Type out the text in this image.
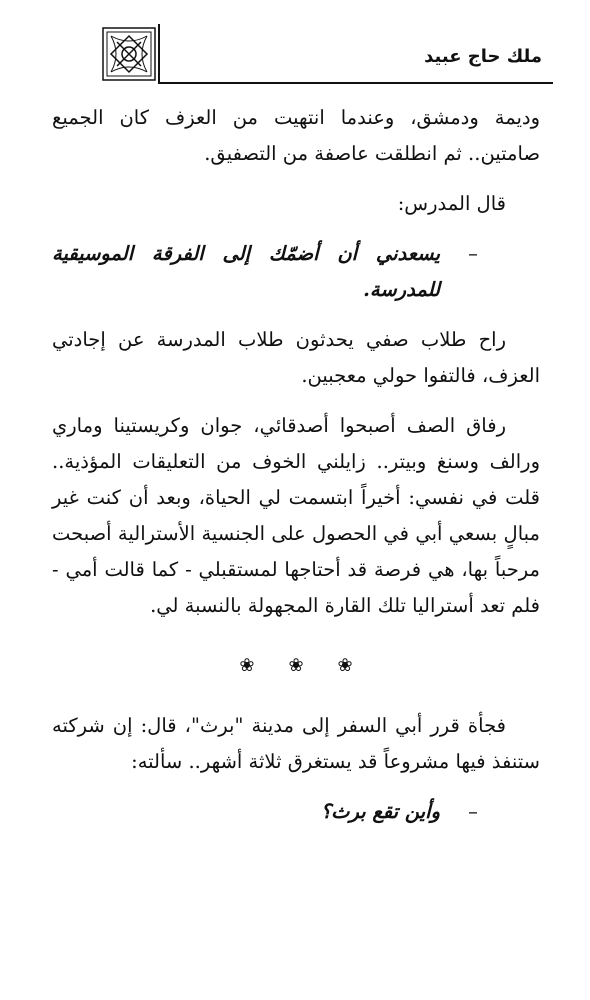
ملك حاج عبيد

وديمة ودمشق، وعندما انتهيت من العزف كان الجميع صامتين.. ثم انطلقت عاصفة من التصفيق.

قال المدرس:

–
يسعدني أن أضمّك إلى الفرقة الموسيقية للمدرسة.

راح طلاب صفي يحدثون طلاب المدرسة عن إجادتي العزف، فالتفوا حولي معجبين.

رفاق الصف أصبحوا أصدقائي، جوان وكريستينا وماري ورالف وسنغ وبيتر.. زايلني الخوف من التعليقات المؤذية.. قلت في نفسي: أخيراً ابتسمت لي الحياة، وبعد أن كنت غير مبالٍ بسعي أبي في الحصول على الجنسية الأسترالية أصبحت مرحباً بها، هي فرصة قد أحتاجها لمستقبلي - كما قالت أمي - فلم تعد أستراليا تلك القارة المجهولة بالنسبة لي.

❀ ❀ ❀

فجأة قرر أبي السفر إلى مدينة "برث"، قال: إن شركته ستنفذ فيها مشروعاً قد يستغرق ثلاثة أشهر.. سألته:

–
وأين تقع برث؟
